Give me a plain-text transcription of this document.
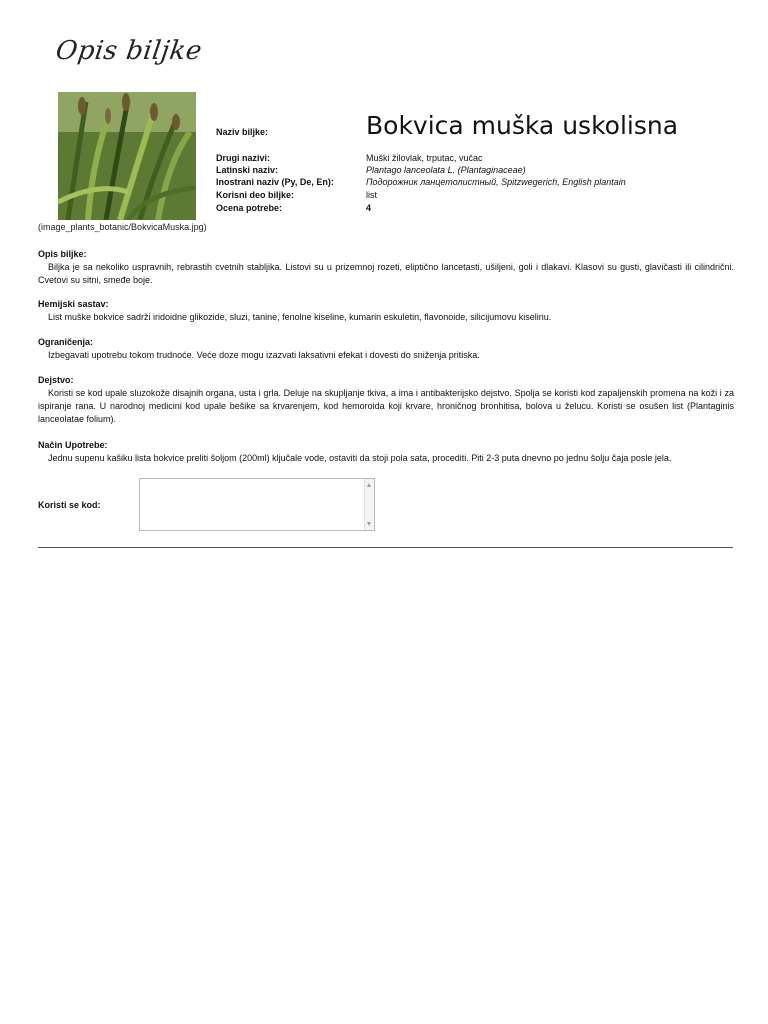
Opis biljke
(image_plants_botanic/BokvicaMuska.jpg)
Naziv biljke:	Bokvica muška uskolisna
Drugi nazivi:	Muški žilovlak, trputac, vučac
Latinski naziv:	Plantago lanceolata L. (Plantaginaceae)
Inostrani naziv (Py, De, En):	Подорожник ланцетолистный, Spitzwegerich, English plantain
Korisni deo biljke:	list
Ocena potrebe:	4
Opis biljke:

Biljka je sa nekoliko uspravnih, rebrastih cvetnih stabljika. Listovi su u prizemnoj rozeti, eliptično lancetasti, ušiljeni, goli i dlakavi. Klasovi su gusti, glavičasti ili cilindrični. Cvetovi su sitni, smeđe boje.

Hemijski sastav:

List muške bokvice sadrži iridoidne glikozide, sluzi, tanine, fenolne kiseline, kumarin eskuletin, flavonoide, silicijumovu kiselinu.

Ograničenja:

Izbegavati upotrebu tokom trudnoće. Veće doze mogu izazvati laksativni efekat i dovesti do sniženja pritiska.

Dejstvo:

Koristi se kod upale sluzokože disajnih organa, usta i grla. Deluje na skupljanje tkiva, a ima i antibakterijsko dejstvo. Spolja se koristi kod zapaljenskih promena na koži i za ispiranje rana. U narodnoj medicini kod upale bešike sa krvarenjem, kod hemoroida koji krvare, hroničnog bronhitisa, bolova u želucu. Koristi se osušen list (Plantaginis lanceolatae folium).

Način Upotrebe:

Jednu supenu kašiku lista bokvice preliti šoljom (200ml) ključale vode, ostaviti da stoji pola sata, procediti. Piti 2-3 puta dnevno po jednu šolju čaja posle jela.

Koristi se kod:
